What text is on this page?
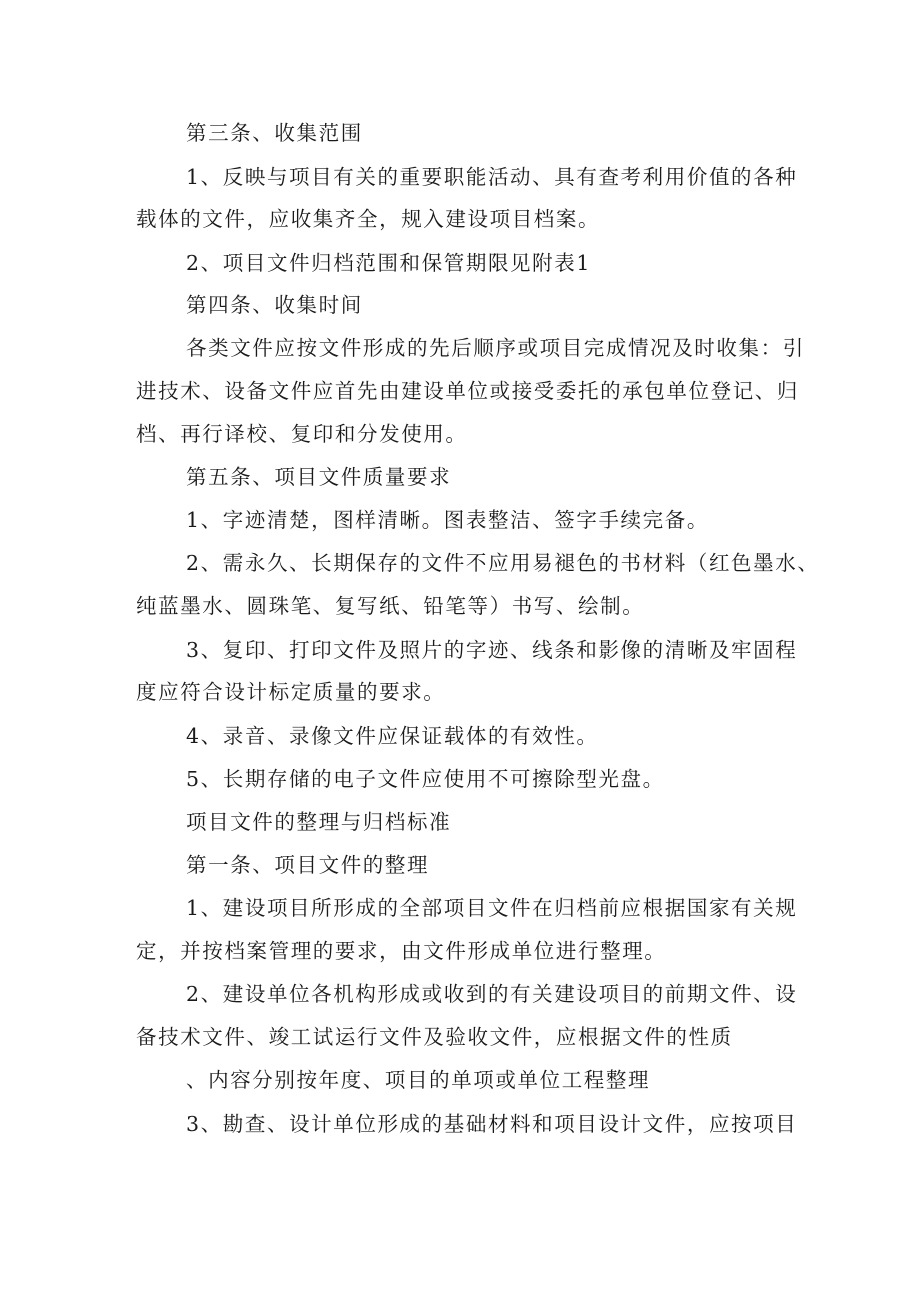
第三条、收集范围
1、反映与项目有关的重要职能活动、具有查考利用价值的各种
载体的文件，应收集齐全，规入建设项目档案。
2、项目文件归档范围和保管期限见附表1
第四条、收集时间
各类文件应按文件形成的先后顺序或项目完成情况及时收集：引
进技术、设备文件应首先由建设单位或接受委托的承包单位登记、归
档、再行译校、复印和分发使用。
第五条、项目文件质量要求
1、字迹清楚，图样清晰。图表整洁、签字手续完备。
2、需永久、长期保存的文件不应用易褪色的书材料（红色墨水、
纯蓝墨水、圆珠笔、复写纸、铅笔等）书写、绘制。
3、复印、打印文件及照片的字迹、线条和影像的清晰及牢固程
度应符合设计标定质量的要求。
4、录音、录像文件应保证载体的有效性。
5、长期存储的电子文件应使用不可擦除型光盘。
项目文件的整理与归档标准
第一条、项目文件的整理
1、建设项目所形成的全部项目文件在归档前应根据国家有关规
定，并按档案管理的要求，由文件形成单位进行整理。
2、建设单位各机构形成或收到的有关建设项目的前期文件、设
备技术文件、竣工试运行文件及验收文件，应根据文件的性质
、内容分别按年度、项目的单项或单位工程整理
3、勘查、设计单位形成的基础材料和项目设计文件，应按项目
